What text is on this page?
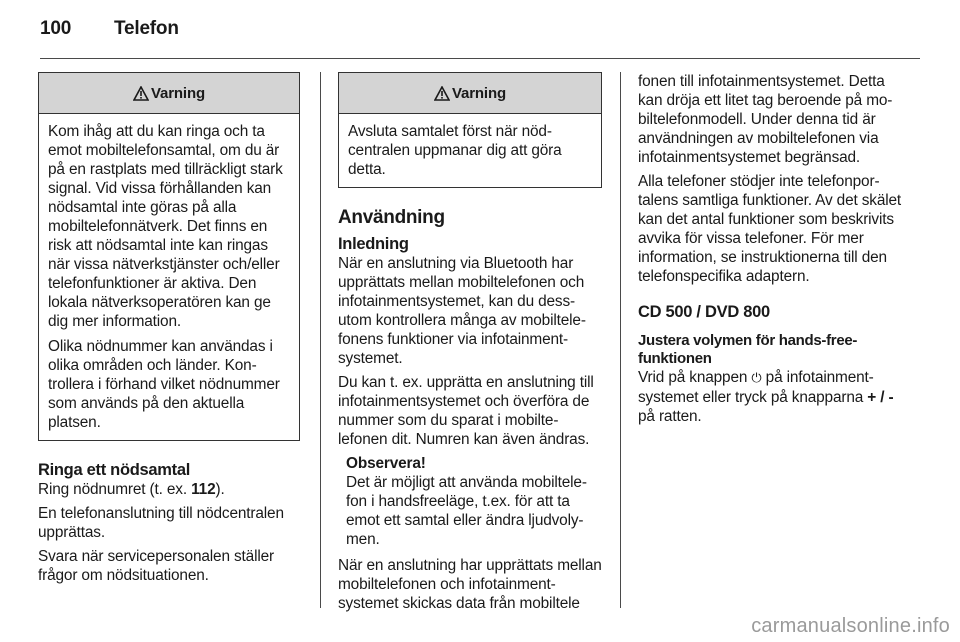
100 Telefon
Varning

Kom ihåg att du kan ringa och ta emot mobiltelefonsamtal, om du är på en rastplats med tillräckligt stark signal. Vid vissa förhållanden kan nödsamtal inte göras på alla mobiltelefonnätverk. Det finns en risk att nödsamtal inte kan ringas när vissa nätverkstjänster och/eller telefonfunktioner är aktiva. Den lokala nätverksoperatören kan ge dig mer information.

Olika nödnummer kan användas i olika områden och länder. Kontrollera i förhand vilket nödnummer som används på den aktuella platsen.

Ringa ett nödsamtal

Ring nödnumret (t. ex. 112).

En telefonanslutning till nödcentralen upprättas.

Svara när servicepersonalen ställer frågor om nödsituationen.

Varning

Avsluta samtalet först när nödcentralen uppmanar dig att göra detta.

Användning
Inledning

När en anslutning via Bluetooth har upprättats mellan mobiltelefonen och infotainmentsystemet, kan du dessutom kontrollera många av mobiltelefonens funktioner via infotainmentsystemet.

Du kan t. ex. upprätta en anslutning till infotainmentsystemet och överföra de nummer som du sparat i mobiltelefonen dit. Numren kan även ändras.

Observera!
Det är möjligt att använda mobiltelefon i handsfreeläge, t.ex. för att ta emot ett samtal eller ändra ljudvolymen.

När en anslutning har upprättats mellan mobiltelefonen och infotainmentsystemet skickas data från mobiltele

fonen till infotainmentsystemet. Detta kan dröja ett litet tag beroende på mobiltelefonmodell. Under denna tid är användningen av mobiltelefonen via infotainmentsystemet begränsad.

Alla telefoner stödjer inte telefonportalens samtliga funktioner. Av det skälet kan det antal funktioner som beskrivits avvika för vissa telefoner. För mer information, se instruktionerna till den telefonspecifika adaptern.

CD 500 / DVD 800
Justera volymen för hands-freefunktionen

Vrid på knappen ⏻ på infotainmentsystemet eller tryck på knapparna + / - på ratten.

carmanualsonline.info
